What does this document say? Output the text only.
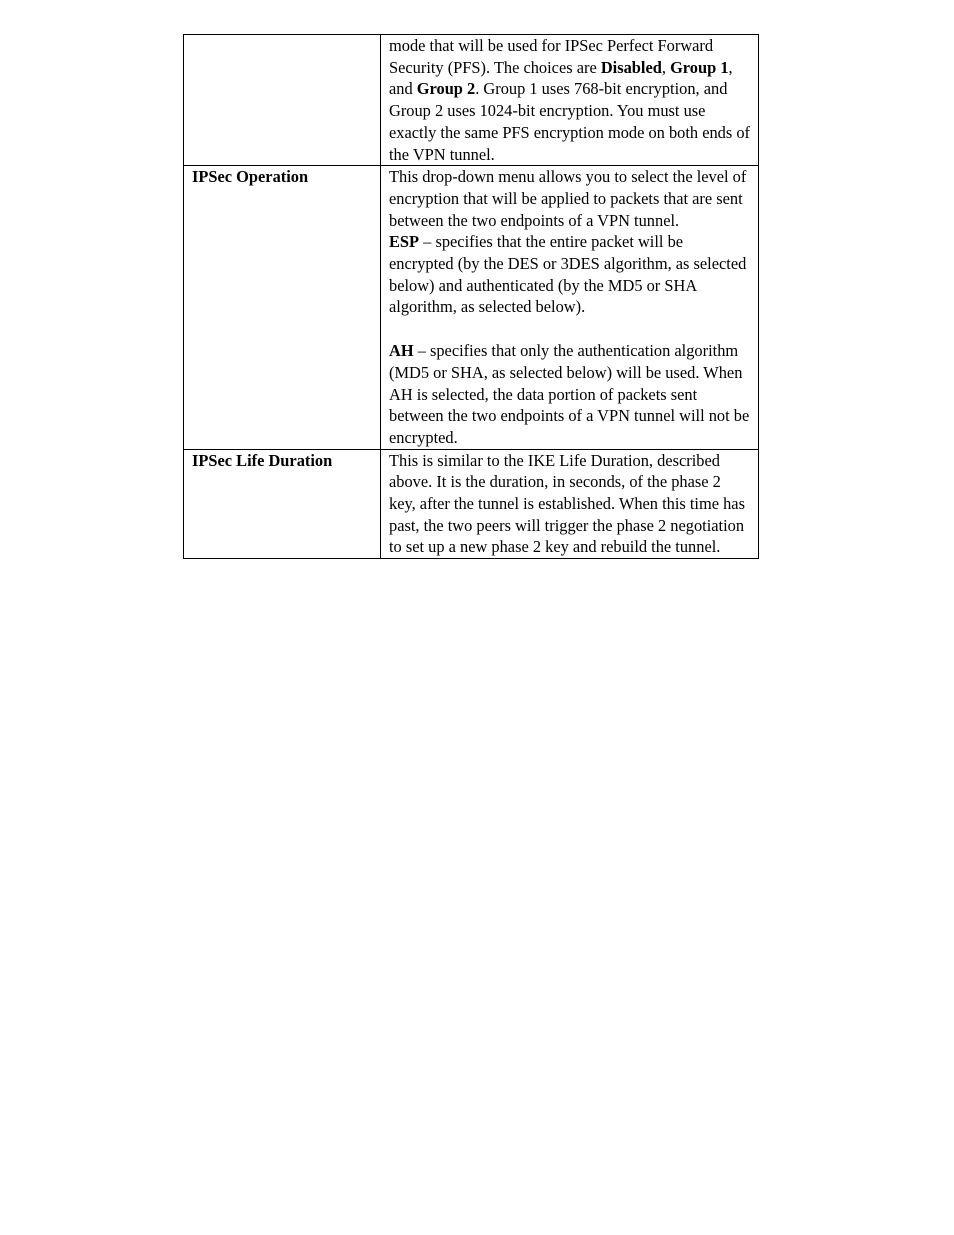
	mode that will be used for IPSec Perfect Forward Security (PFS). The choices are Disabled, Group 1, and Group 2. Group 1 uses 768-bit encryption, and Group 2 uses 1024-bit encryption. You must use exactly the same PFS encryption mode on both ends of the VPN tunnel.

IPSec Operation	This drop-down menu allows you to select the level of encryption that will be applied to packets that are sent between the two endpoints of a VPN tunnel.

ESP – specifies that the entire packet will be encrypted (by the DES or 3DES algorithm, as selected below) and authenticated (by the MD5 or SHA algorithm, as selected below).

AH – specifies that only the authentication algorithm (MD5 or SHA, as selected below) will be used. When AH is selected, the data portion of packets sent between the two endpoints of a VPN tunnel will not be encrypted.

IPSec Life Duration	This is similar to the IKE Life Duration, described above. It is the duration, in seconds, of the phase 2 key, after the tunnel is established. When this time has past, the two peers will trigger the phase 2 negotiation to set up a new phase 2 key and rebuild the tunnel.
